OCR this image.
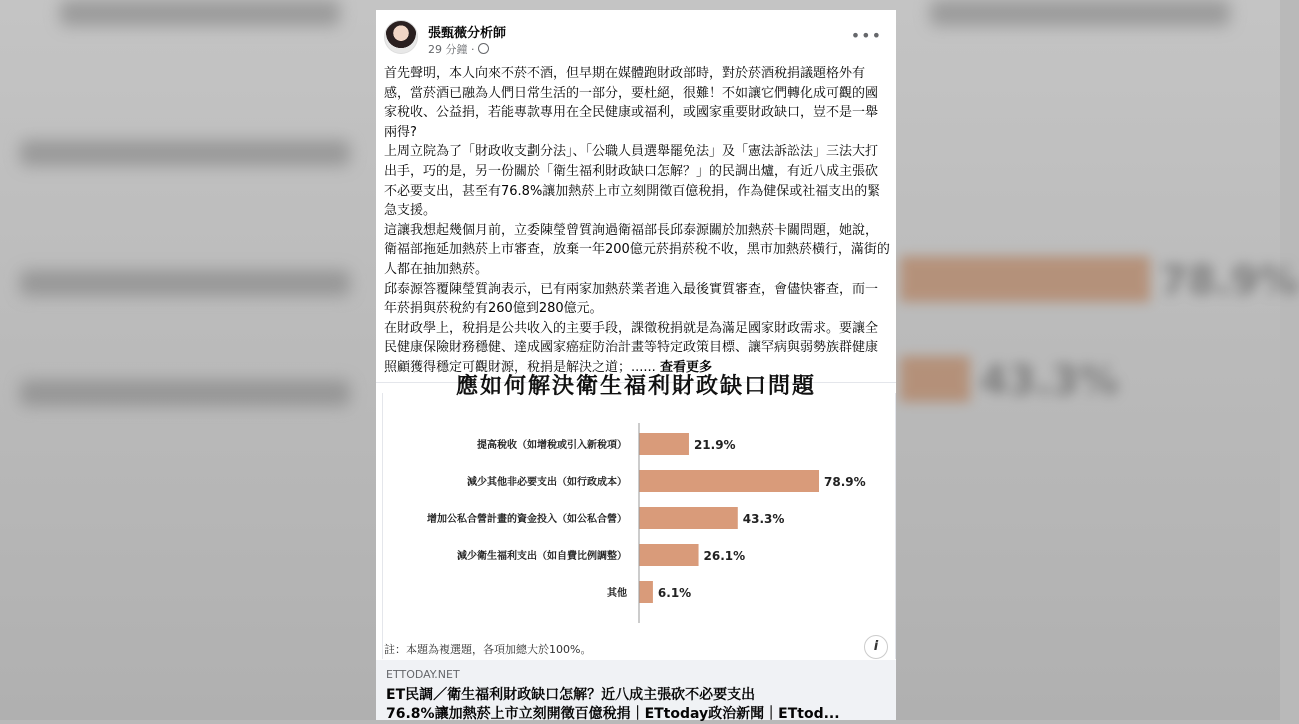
78.9%
43.3%
張甄薇分析師
29 分鐘 ·
•••

首先聲明，本人向來不菸不酒，但早期在媒體跑財政部時，對於菸酒稅捐議題格外有感，當菸酒已融為人們日常生活的一部分，要杜絕，很難！不如讓它們轉化成可觀的國家稅收、公益捐，若能專款專用在全民健康或福利，或國家重要財政缺口，豈不是一舉兩得?

上周立院為了「財政收支劃分法」、「公職人員選舉罷免法」及「憲法訴訟法」三法大打出手，巧的是，另一份關於「衛生福利財政缺口怎解？」的民調出爐，有近八成主張砍不必要支出，甚至有76.8%讓加熱菸上市立刻開徵百億稅捐，作為健保或社福支出的緊急支援。

這讓我想起幾個月前，立委陳瑩曾質詢過衛福部長邱泰源關於加熱菸卡關問題，她說，衛福部拖延加熱菸上市審查，放棄一年200億元菸捐菸稅不收，黑市加熱菸橫行，滿街的人都在抽加熱菸。

邱泰源答覆陳瑩質詢表示，已有兩家加熱菸業者進入最後實質審查，會儘快審查，而一年菸捐與菸稅約有260億到280億元。

在財政學上，稅捐是公共收入的主要手段，課徵稅捐就是為滿足國家財政需求。要讓全民健康保險財務穩健、達成國家癌症防治計畫等特定政策目標、讓罕病與弱勢族群健康照顧獲得穩定可觀財源，稅捐是解決之道；...... 查看更多

應如何解決衛生福利財政缺口問題
提高稅收（如增稅或引入新稅項）	21.9%
減少其他非必要支出（如行政成本）	78.9%
增加公私合營計畫的資金投入（如公私合營）	43.3%
減少衛生福利支出（如自費比例調整）	26.1%
其他	6.1%
註：本題為複選題，各項加總大於100%。	i
ETTODAY.NET
ET民調／衛生福利財政缺口怎解？近八成主張砍不必要支出
76.8%讓加熱菸上市立刻開徵百億稅捐｜ETtoday政治新聞｜ETtod...
